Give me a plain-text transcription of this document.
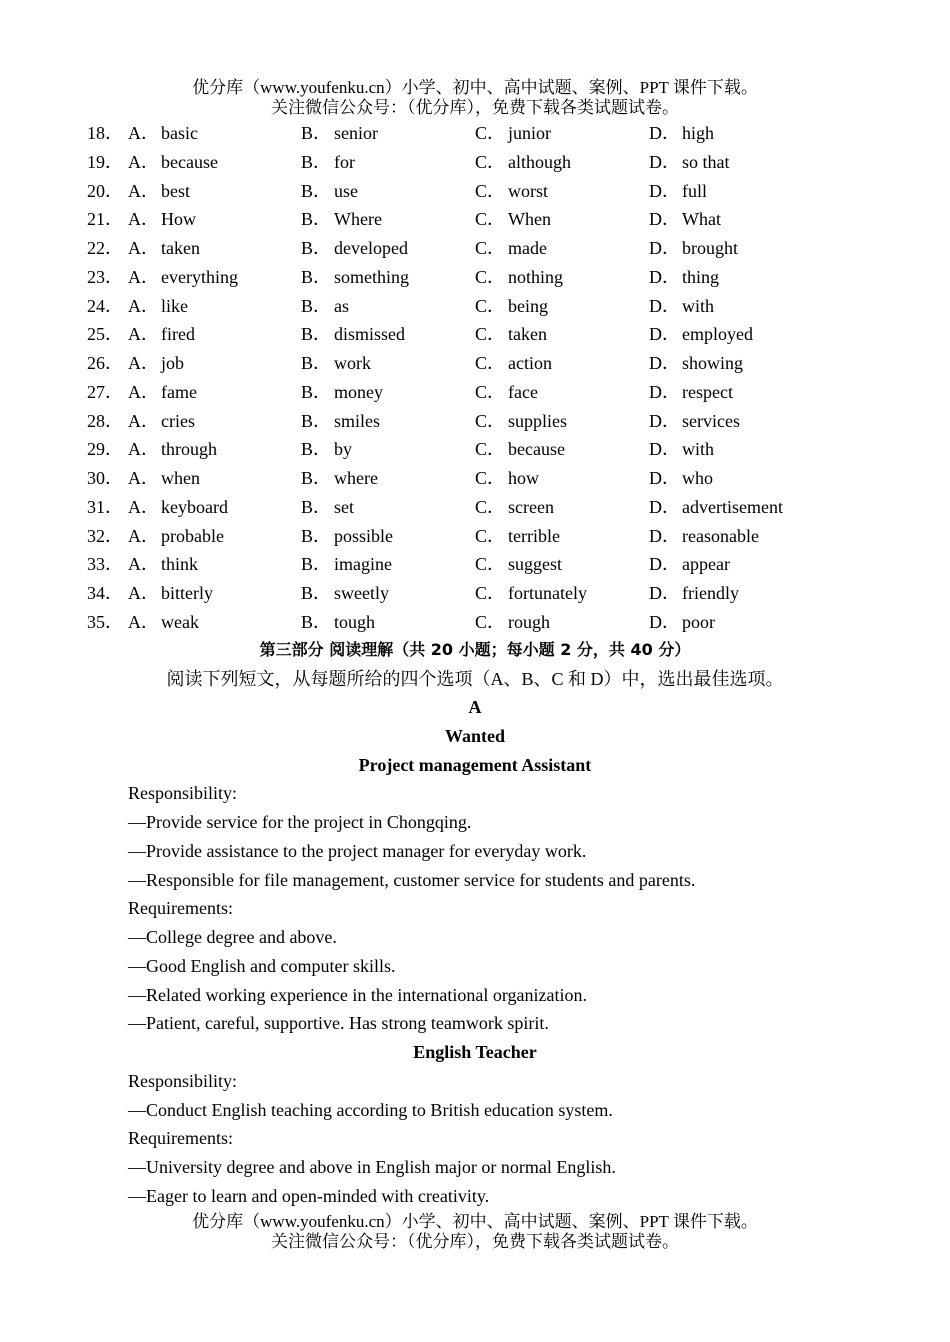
优分库（www.youfenku.cn）小学、初中、高中试题、案例、PPT 课件下载。
关注微信公众号：（优分库），免费下载各类试题试卷。
18． A． basic	B． senior	C． junior	D． high
19． A． because	B． for	C． although	D． so that
20． A． best	B． use	C． worst	D． full
21． A． How	B． Where	C． When	D． What
22． A． taken	B． developed	C． made	D． brought
23． A． everything	B． something	C． nothing	D． thing
24． A． like	B． as	C． being	D． with
25． A． fired	B． dismissed	C． taken	D． employed
26． A． job	B． work	C． action	D． showing
27． A． fame	B． money	C． face	D． respect
28． A． cries	B． smiles	C． supplies	D． services
29． A． through	B． by	C． because	D． with
30． A． when	B． where	C． how	D． who
31． A． keyboard	B． set	C． screen	D． advertisement
32． A． probable	B． possible	C． terrible	D． reasonable
33． A． think	B． imagine	C． suggest	D． appear
34． A． bitterly	B． sweetly	C． fortunately	D． friendly
35． A． weak	B． tough	C． rough	D． poor
第三部分 阅读理解（共 20 小题；每小题 2 分，共 40 分）
阅读下列短文，从每题所给的四个选项（A、B、C 和 D）中，选出最佳选项。
A
Wanted
Project management Assistant
Responsibility:
—Provide service for the project in Chongqing.
—Provide assistance to the project manager for everyday work.
—Responsible for file management, customer service for students and parents.
Requirements:
—College degree and above.
—Good English and computer skills.
—Related working experience in the international organization.
—Patient, careful, supportive. Has strong teamwork spirit.
English Teacher
Responsibility:
—Conduct English teaching according to British education system.
Requirements:
—University degree and above in English major or normal English.
—Eager to learn and open-minded with creativity.
优分库（www.youfenku.cn）小学、初中、高中试题、案例、PPT 课件下载。
关注微信公众号：（优分库），免费下载各类试题试卷。
